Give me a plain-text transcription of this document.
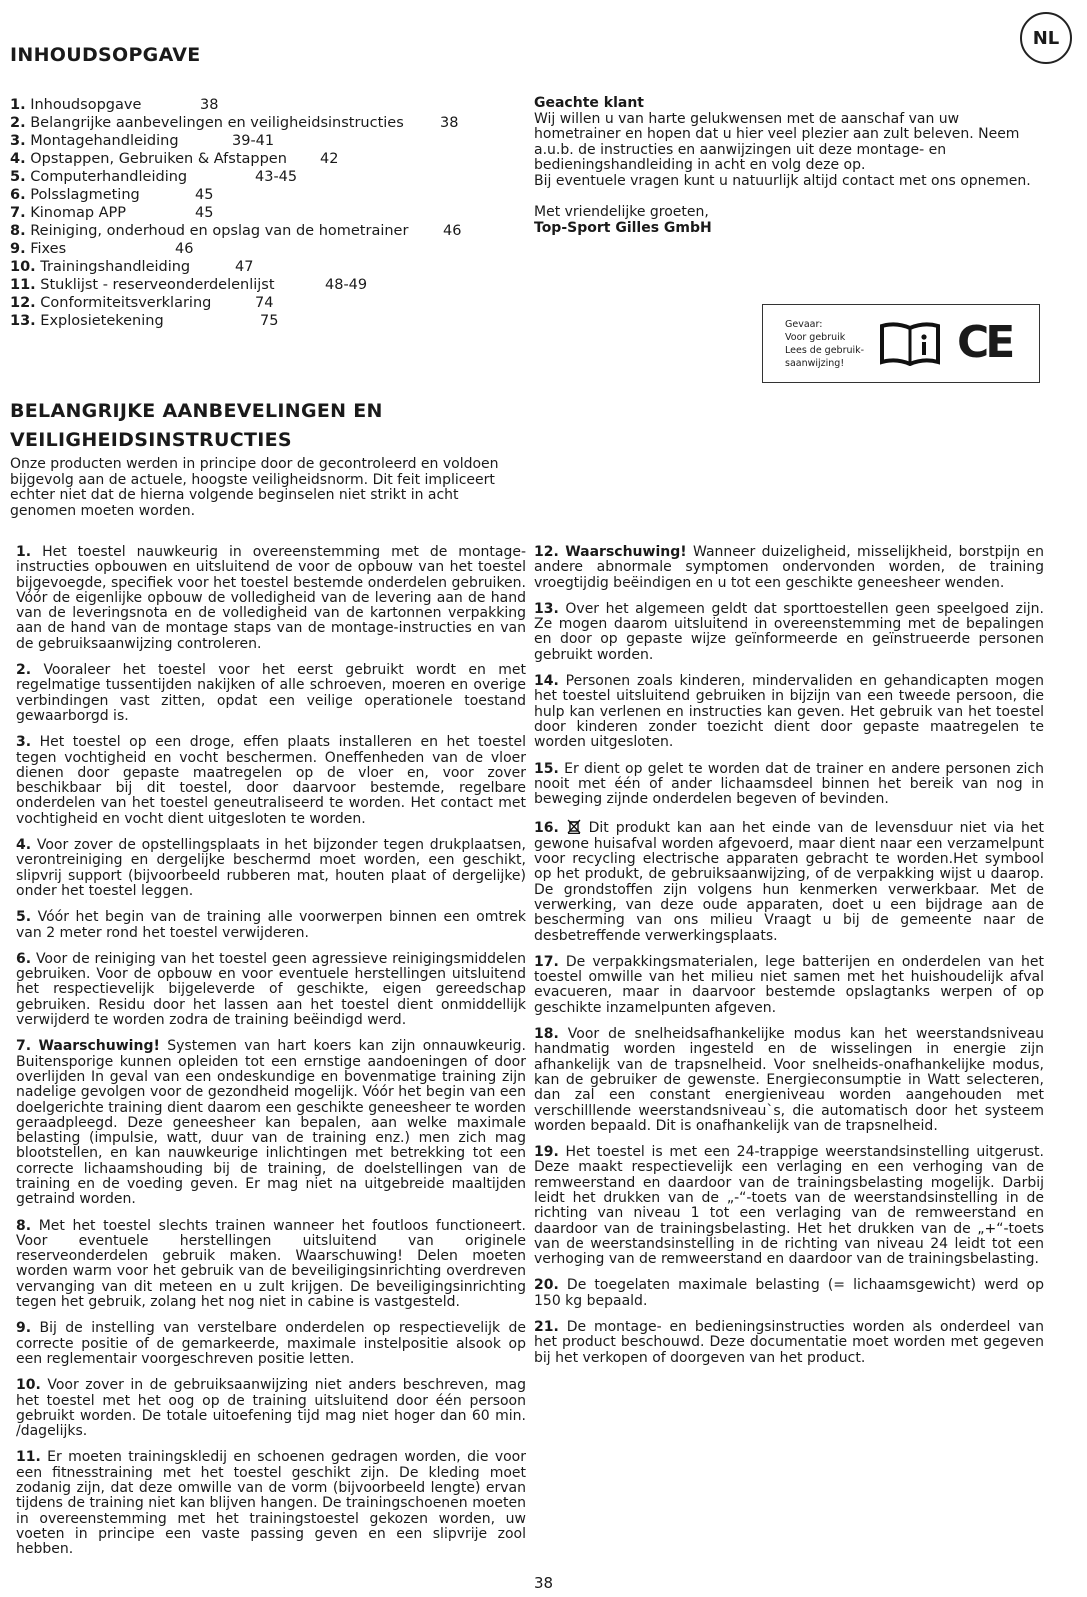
NL
INHOUDSOPGAVE
1. Inhoudsopgave	38
2. Belangrijke aanbevelingen en veiligheidsinstructies 38
3. Montagehandleiding	39-41
4. Opstappen, Gebruiken & Afstappen 42
5. Computerhandleiding	43-45
6. Polsslagmeting	45
7. Kinomap APP	45
8. Reiniging, onderhoud en opslag van de hometrainer 46
9. Fixes	46
10. Trainingshandleiding	47
11. Stuklijst - reserveonderdelenlijst	48-49
12. Conformiteitsverklaring	74
13. Explosietekening	75
Geachte klant
Wij willen u van harte gelukwensen met de aanschaf van uw hometrainer en hopen dat u hier veel plezier aan zult beleven. Neem a.u.b. de instructies en aanwijzingen uit deze montage- en bedieningshandleiding in acht en volg deze op.
Bij eventuele vragen kunt u natuurlijk altijd contact met ons opnemen.
Met vriendelijke groeten,
Top-Sport Gilles GmbH
Gevaar:
Voor gebruik
Lees de gebruik-
saanwijzing!	CE
BELANGRIJKE AANBEVELINGEN EN
VEILIGHEIDSINSTRUCTIES
Onze producten werden in principe door de gecontroleerd en voldoen bijgevolg aan de actuele, hoogste veiligheidsnorm. Dit feit impliceert echter niet dat de hierna volgende beginselen niet strikt in acht genomen moeten worden.
1. Het toestel nauwkeurig in overeenstemming met de montage-instructies opbouwen en uitsluitend de voor de opbouw van het toestel bijgevoegde, specifiek voor het toestel bestemde onderdelen gebruiken. Vóór de eigenlijke opbouw de volledigheid van de levering aan de hand van de leveringsnota en de volledigheid van de kartonnen verpakking aan de hand van de montage staps van de montage-instructies en van de gebruiksaanwijzing controleren.
2. Vooraleer het toestel voor het eerst gebruikt wordt en met regelmatige tussentijden nakijken of alle schroeven, moeren en overige verbindingen vast zitten, opdat een veilige operationele toestand gewaarborgd is.
3. Het toestel op een droge, effen plaats installeren en het toestel tegen vochtigheid en vocht beschermen. Oneffenheden van de vloer dienen door gepaste maatregelen op de vloer en, voor zover beschikbaar bij dit toestel, door daarvoor bestemde, regelbare onderdelen van het toestel geneutraliseerd te worden. Het contact met vochtigheid en vocht dient uitgesloten te worden.
4. Voor zover de opstellingsplaats in het bijzonder tegen drukplaatsen, verontreiniging en dergelijke beschermd moet worden, een geschikt, slipvrij support (bijvoorbeeld rubberen mat, houten plaat of dergelijke) onder het toestel leggen.
5. Vóór het begin van de training alle voorwerpen binnen een omtrek van 2 meter rond het toestel verwijderen.
6. Voor de reiniging van het toestel geen agressieve reinigingsmiddelen gebruiken. Voor de opbouw en voor eventuele herstellingen uitsluitend het respectievelijk bijgeleverde of geschikte, eigen gereedschap gebruiken. Residu door het lassen aan het toestel dient onmiddellijk verwijderd te worden zodra de training beëindigd werd.
7. Waarschuwing! Systemen van hart koers kan zijn onnauwkeurig. Buitensporige kunnen opleiden tot een ernstige aandoeningen of door overlijden In geval van een ondeskundige en bovenmatige training zijn nadelige gevolgen voor de gezondheid mogelijk. Vóór het begin van een doelgerichte training dient daarom een geschikte geneesheer te worden geraadpleegd. Deze geneesheer kan bepalen, aan welke maximale belasting (impulsie, watt, duur van de training enz.) men zich mag blootstellen, en kan nauwkeurige inlichtingen met betrekking tot een correcte lichaamshouding bij de training, de doelstellingen van de training en de voeding geven. Er mag niet na uitgebreide maaltijden getraind worden.
8. Met het toestel slechts trainen wanneer het foutloos functioneert. Voor eventuele herstellingen uitsluitend van originele reserveonderdelen gebruik maken. Waarschuwing! Delen moeten worden warm voor het gebruik van de beveiligingsinrichting overdreven vervanging van dit meteen en u zult krijgen. De beveiligingsinrichting tegen het gebruik, zolang het nog niet in cabine is vastgesteld.
9. Bij de instelling van verstelbare onderdelen op respectievelijk de correcte positie of de gemarkeerde, maximale instelpositie alsook op een reglementair voorgeschreven positie letten.
10. Voor zover in de gebruiksaanwijzing niet anders beschreven, mag het toestel met het oog op de training uitsluitend door één persoon gebruikt worden. De totale uitoefening tijd mag niet hoger dan 60 min. /dagelijks.
11. Er moeten trainingskledij en schoenen gedragen worden, die voor een fitnesstraining met het toestel geschikt zijn. De kleding moet zodanig zijn, dat deze omwille van de vorm (bijvoorbeeld lengte) ervan tijdens de training niet kan blijven hangen. De trainingschoenen moeten in overeenstemming met het trainingstoestel gekozen worden, uw voeten in principe een vaste passing geven en een slipvrije zool hebben.
12. Waarschuwing! Wanneer duizeligheid, misselijkheid, borstpijn en andere abnormale symptomen ondervonden worden, de training vroegtijdig beëindigen en u tot een geschikte geneesheer wenden.
13. Over het algemeen geldt dat sporttoestellen geen speelgoed zijn. Ze mogen daarom uitsluitend in overeenstemming met de bepalingen en door op gepaste wijze geïnformeerde en geïnstrueerde personen gebruikt worden.
14. Personen zoals kinderen, mindervaliden en gehandicapten mogen het toestel uitsluitend gebruiken in bijzijn van een tweede persoon, die hulp kan verlenen en instructies kan geven. Het gebruik van het toestel door kinderen zonder toezicht dient door gepaste maatregelen te worden uitgesloten.
15. Er dient op gelet te worden dat de trainer en andere personen zich nooit met één of ander lichaamsdeel binnen het bereik van nog in beweging zijnde onderdelen begeven of bevinden.
16. Dit produkt kan aan het einde van de levensduur niet via het gewone huisafval worden afgevoerd, maar dient naar een verzamelpunt voor recycling electrische apparaten gebracht te worden.Het symbool op het produkt, de gebruiksaanwijzing, of de verpakking wijst u daarop. De grondstoffen zijn volgens hun kenmerken verwerkbaar. Met de verwerking, van deze oude apparaten, doet u een bijdrage aan de bescherming van ons milieu Vraagt u bij de gemeente naar de desbetreffende verwerkingsplaats.
17. De verpakkingsmaterialen, lege batterijen en onderdelen van het toestel omwille van het milieu niet samen met het huishoudelijk afval evacueren, maar in daarvoor bestemde opslagtanks werpen of op geschikte inzamelpunten afgeven.
18. Voor de snelheidsafhankelijke modus kan het weerstandsniveau handmatig worden ingesteld en de wisselingen in energie zijn afhankelijk van de trapsnelheid. Voor snelheids-onafhankelijke modus, kan de gebruiker de gewenste. Energieconsumptie in Watt selecteren, dan zal een constant energieniveau worden aangehouden met verschilllende weerstandsniveau`s, die automatisch door het systeem worden bepaald. Dit is onafhankelijk van de trapsnelheid.
19. Het toestel is met een 24-trappige weerstandsinstelling uitgerust. Deze maakt respectievelijk een verlaging en een verhoging van de remweerstand en daardoor van de trainingsbelasting mogelijk. Darbij leidt het drukken van de „-“-toets van de weerstandsinstelling in de richting van niveau 1 tot een verlaging van de remweerstand en daardoor van de trainingsbelasting. Het het drukken van de „+“-toets van de weerstandsinstelling in de richting van niveau 24 leidt tot een verhoging van de remweerstand en daardoor van de trainingsbelasting.
20. De toegelaten maximale belasting (= lichaamsgewicht) werd op 150 kg bepaald.
21. De montage- en bedieningsinstructies worden als onderdeel van het product beschouwd. Deze documentatie moet worden met gegeven bij het verkopen of doorgeven van het product.
38
